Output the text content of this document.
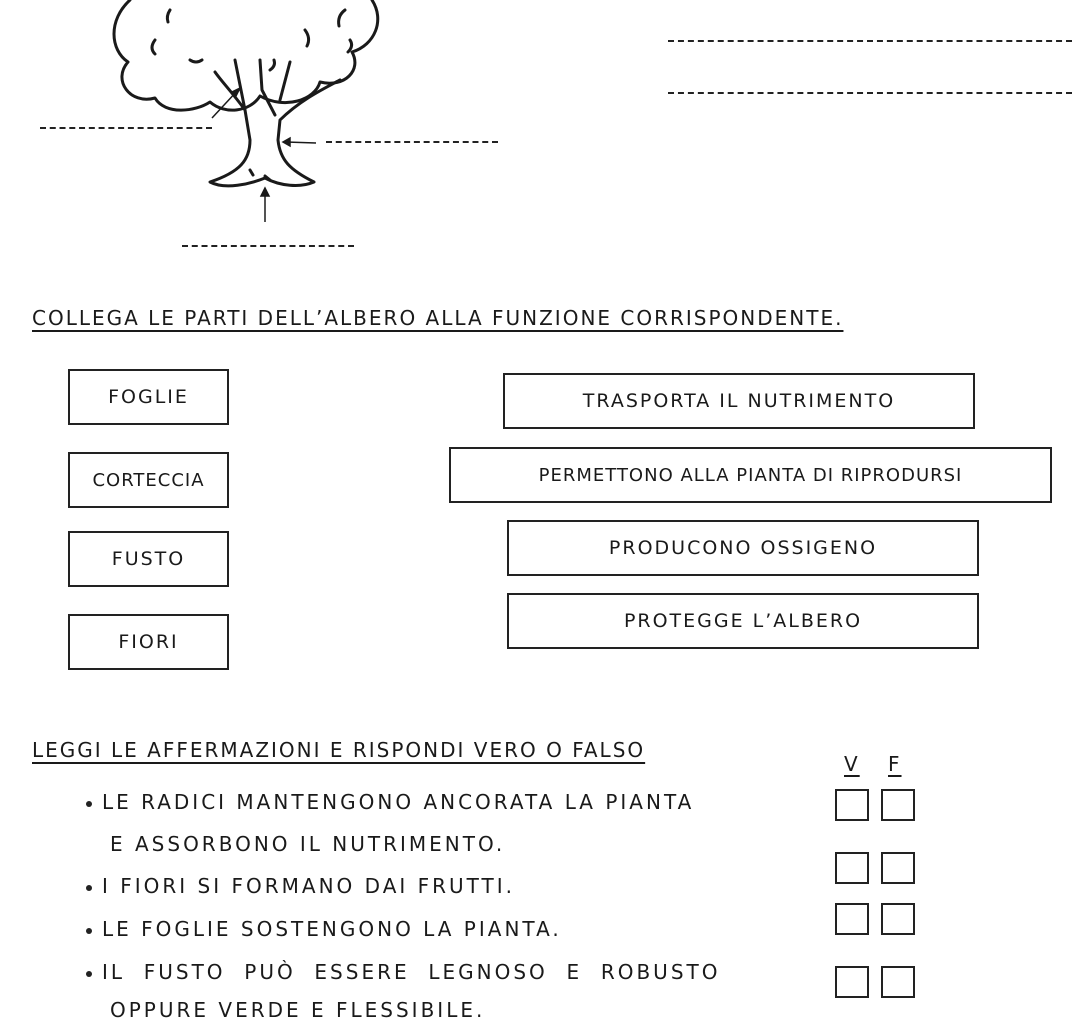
COLLEGA LE PARTI DELL’ALBERO ALLA FUNZIONE CORRISPONDENTE.
FOGLIE
CORTECCIA
FUSTO
FIORI
TRASPORTA IL NUTRIMENTO
PERMETTONO ALLA PIANTA DI RIPRODURSI
PRODUCONO OSSIGENO
PROTEGGE L’ALBERO
LEGGI LE AFFERMAZIONI E RISPONDI VERO O FALSO
V F
LE RADICI MANTENGONO ANCORATA LA PIANTA
E ASSORBONO IL NUTRIMENTO.
I FIORI SI FORMANO DAI FRUTTI.
LE FOGLIE SOSTENGONO LA PIANTA.
IL  FUSTO  PUÒ  ESSERE  LEGNOSO  E  ROBUSTO
OPPURE VERDE E FLESSIBILE.
